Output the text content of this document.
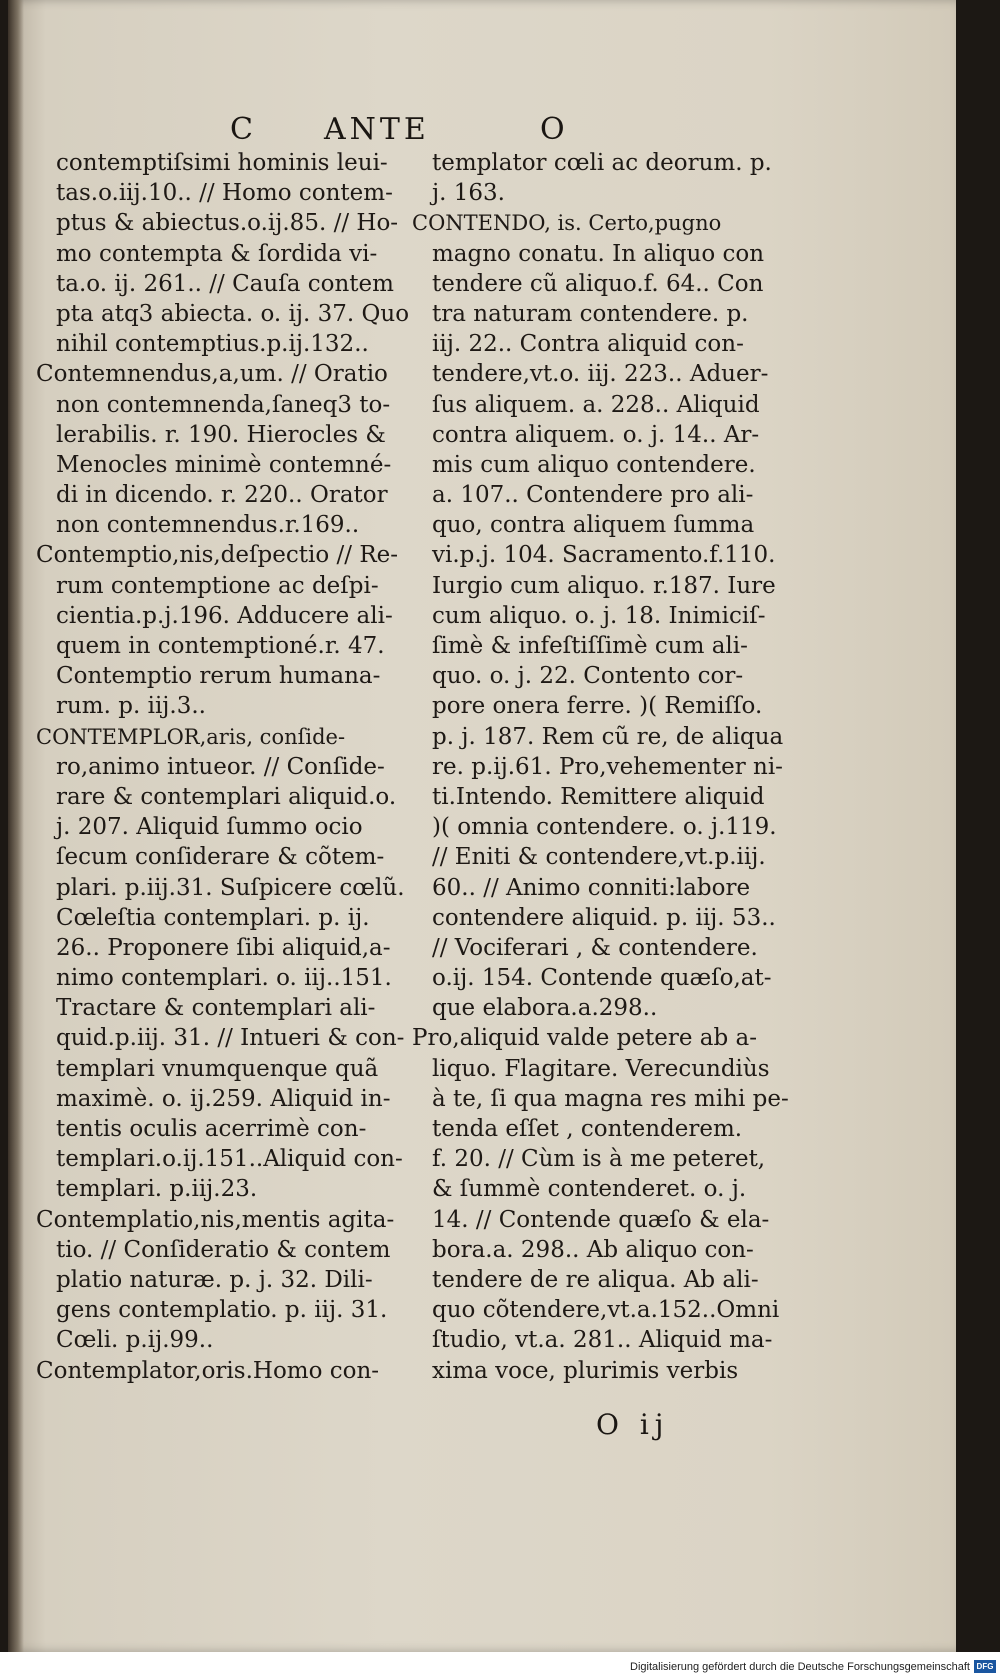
C ANTE	O
contemptiſsimi hominis leui-
tas.o.iij.10.. // Homo contem-
ptus & abiectus.o.ij.85. // Ho-
mo contempta & ſordida vi-
ta.o. ij. 261.. // Cauſa contem
pta atq3 abiecta. o. ij. 37. Quo
nihil contemptius.p.ij.132..
Contemnendus,a,um. // Oratio
non contemnenda,ſaneq3 to-
lerabilis. r. 190. Hierocles &
Menocles minimè contemné-
di in dicendo. r. 220.. Orator
non contemnendus.r.169..
Contemptio,nis,deſpectio // Re-
rum contemptione ac deſpi-
cientia.p.j.196. Adducere ali-
quem in contemptioné.r. 47.
Contemptio rerum humana-
rum. p. iij.3..
CONTEMPLOR,aris, conſide-
ro,animo intueor. // Conſide-
rare & contemplari aliquid.o.
j. 207. Aliquid ſummo ocio
ſecum conſiderare & cõtem-
plari. p.iij.31. Suſpicere cœlũ.
Cœleſtia contemplari. p. ij.
26.. Proponere ſibi aliquid,a-
nimo contemplari. o. iij..151.
Tractare & contemplari ali-
quid.p.iij. 31. // Intueri & con-
templari vnumquenque quã
maximè. o. ij.259. Aliquid in-
tentis oculis acerrimè con-
templari.o.ij.151..Aliquid con-
templari. p.iij.23.
Contemplatio,nis,mentis agita-
tio. // Conſideratio & contem
platio naturæ. p. j. 32. Dili-
gens contemplatio. p. iij. 31.
Cœli. p.ij.99..
Contemplator,oris.Homo con-
templator cœli ac deorum. p.
j. 163.
CONTENDO, is. Certo,pugno
magno conatu. In aliquo con
tendere cũ aliquo.f. 64.. Con
tra naturam contendere. p.
iij. 22.. Contra aliquid con-
tendere,vt.o. iij. 223.. Aduer-
ſus aliquem. a. 228.. Aliquid
contra aliquem. o. j. 14.. Ar-
mis cum aliquo contendere.
a. 107.. Contendere pro ali-
quo, contra aliquem ſumma
vi.p.j. 104. Sacramento.f.110.
Iurgio cum aliquo. r.187. Iure
cum aliquo. o. j. 18. Inimiciſ-
ſimè & infeſtiſſimè cum ali-
quo. o. j. 22. Contento cor-
pore onera ferre. )( Remiſſo.
p. j. 187. Rem cũ re, de aliqua
re. p.ij.61. Pro,vehementer ni-
ti.Intendo. Remittere aliquid
)( omnia contendere. o. j.119.
// Eniti & contendere,vt.p.iij.
60.. // Animo conniti:labore
contendere aliquid. p. iij. 53..
// Vociferari , & contendere.
o.ij. 154. Contende quæſo,at-
que elabora.a.298..
Pro,aliquid valde petere ab a-
liquo. Flagitare. Verecundiùs
à te, ſi qua magna res mihi pe-
tenda eſſet , contenderem.
f. 20. // Cùm is à me peteret,
& ſummè contenderet. o. j.
14. // Contende quæſo & ela-
bora.a. 298.. Ab aliquo con-
tendere de re aliqua. Ab ali-
quo cõtendere,vt.a.152..Omni
ſtudio, vt.a. 281.. Aliquid ma-
xima voce, plurimis verbis
O ij
Digitalisierung gefördert durch die Deutsche Forschungsgemeinschaft DFG
